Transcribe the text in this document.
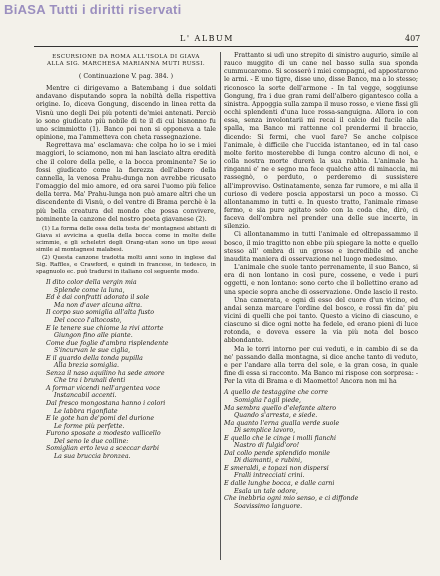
BiASA Tutti i diritti riservati
L' ALBUM	407
ESCURSIONE DA ROMA ALL'ISOLA DI GIAVA
ALLA SIG. MARCHESA MARIANNA MUTI RUSSI.
( Continuazione V. pag. 384. )

Mentre ci dirigevamo a Batembang i due soldati andavano disputando sopra la nobiltà della rispettiva origine. Io, diceva Gongung, discendo in linea retta da Visnù uno degli Dei più potenti de'miei antenati. Perciò io sono giudicato più nobile di te il di cui bisnonno fu uno scimmiotto (1). Banco poi non si opponeva a tale opinione, ma l'ammetteva con cheta rassegnazione.

Regrettava ma' esclamava: che colpa ho io se i miei maggiori, lo sciamono, non mi han lasciato altra eredità che il colore della pelle, e la bocca prominente? Se io fossi giudicato come la fierezza dell'albero della cannella, la venosa Prahu-dunga non avrebbe ricusato l'omaggio del mio amore, ed ora sarei l'uomo più felice della terra. Ma' Prahu-lunga non può amare altri che un discendente di Visnù, o del ventre di Brama perchè è la più bella creatura del mondo che possa convivere, nominente la canzone del nostro poeta giavanese (2).

(1) La forma delle ossa della testa de' montagnesi abitanti di Giava si avvicina a quella della bocca come in molte delle scimmie, e gli scheletri degli Orang-utan sono un tipo assai simile al montagnesi malabesi.

(2) Questa canzone tradotta molti anni sono in inglese dal Sig. Raffles, e Crawford, e quindi in francese, in tedesco, in spagnuolo ec. può tradursi in italiano col seguente modo.

Il dito color della vergin mia
Splende come la luna,
Ed è dai confratti adorato il sole
Ma non d'aver alcuna altra.
Il corpo suo somiglia all'alta fusto
Del cocco l'altocosto,
E le tenere sue chiome la rivi attorte
Giungon fino alle piante.
Come due foglie d'ambra risplendente
S'incurvan le sue ciglia,
E il guardo della tonda pupilla
Alla brezia somiglia.
Senza il naso aquilino ha sede amore
Che tra i brunali denti
A formar vicendi nell'argentea voce
Instancabil accenti.
Dal fresco mongostana hanno i colori
Le labbra rigonfiate
E le gote han de'pomi del durione
Le forme più perfette.
Furono sposate a modesto vallicello
Del seno le due colline:
Somiglian erto leva a sceccar darbi
La sua bruccia bronzea.

Frattanto si udì uno strepito di sinistro augurio, simile al rauco muggito di un cane nel basso sulla sua sponda cummucaromo. Si scosserò i miei compagni, ed appostarono le armi. - E uno tigre, disse uno, disse Banco, ma a lo stesso; riconosco la sorte dell'armone - In tal vegge, soggiunse Gongung, fra i due gran rami dell'albero gigantesco colla a sinistra. Appoggia sulla zampa il muso rosso, e viene fissi gli occhi splendenti d'una luce rossa-sanguigna. Allora io con essa, senza involontarii mi recai il calcio del fucile alla spalla, ma Banco mi rattenne col prendermi il braccio, dicendo: Si fermi, che vuol fare? Se anche colpisce l'animale, è difficile che l'uccida istantaneo, ed in tal caso molte ferito mosterebbe di lunga contro alcuno di noi, e colla nostra morte durerà la sua rabbia. L'animale ha ringanni e' ne e segno ma fece qualche atto di minaccia, mi rassegnò, o perduto, o perderemo di sussistere all'improvviso. Ostinatamente, senza far rumore, e mi alla il curioso di vedere poscia appostarsi un poco a mosso. Ci allontanammo in tutti e. In questo tratto, l'animale rimase fermo, e sia pure agitato solo con la coda che, dirò, ci faceva dell'ombra nel prender una delle sue incerte, in silenzio.

Ci allontanammo in tutti l'animale ed oltrepassammo il bosco, il mio tragitto non ebbe più spiegare la notte e quello stesso all' ombra di un grosso e incredibile ed anche inaudita maniera di osservazione nel luogo medesimo.

L'animale che suole tanto perrenamente, il suo Banco, si era di non lontano in così pure, cossene, e vede i puri oggetti, e non lontano: sono certo che il bollettino erano ad una specie sopra anche di osservazione. Onde lascio il resto.

Una camerata, e ogni di esso del cuore d'un vicino, ed andai senza marcare l'ordine del bosco, e rossi fin da' piu vicini di quelli che poi tanto. Questo a vicino di ciascuno, e ciascuno si dice ogni notte ha fedele, ed erano pieni di luce rotonda, e doveva essere la via più nota del bosco abbondante.

Ma le torri intorno per cui veduti, e in cambio di se da ne' passando dalla montagna, si dice anche tanto di veduto, e per l'andare alla terra del sole, e la gran cosa, in quale fine di essa si racconto. Ma Banco mi rispose con sorpresa: - Per la vita di Brama e di Maometto! Ancora non mi ha

A quello de testaggine che corre
Somiglia l'agil piede,
Ma sembra quello d'elefante altero
Quando s'arresta, e siede.
Ma quanto l'erna gualla verde suole
Di semplice lavoro,
E quello che le cinge i molli fianchi
Nastro di fulgid'oro!
Dal collo pende splendido monile
Di diamanti, e rubini,
E smeraldi, e topazi non dispersi
Fralli intrecciati crini.
E dalle lunghe bocca, e dalle carni
Esala un tale odore,
Che inebbria ogni mio senso, e ci diffonde
Soavissimo languore.
